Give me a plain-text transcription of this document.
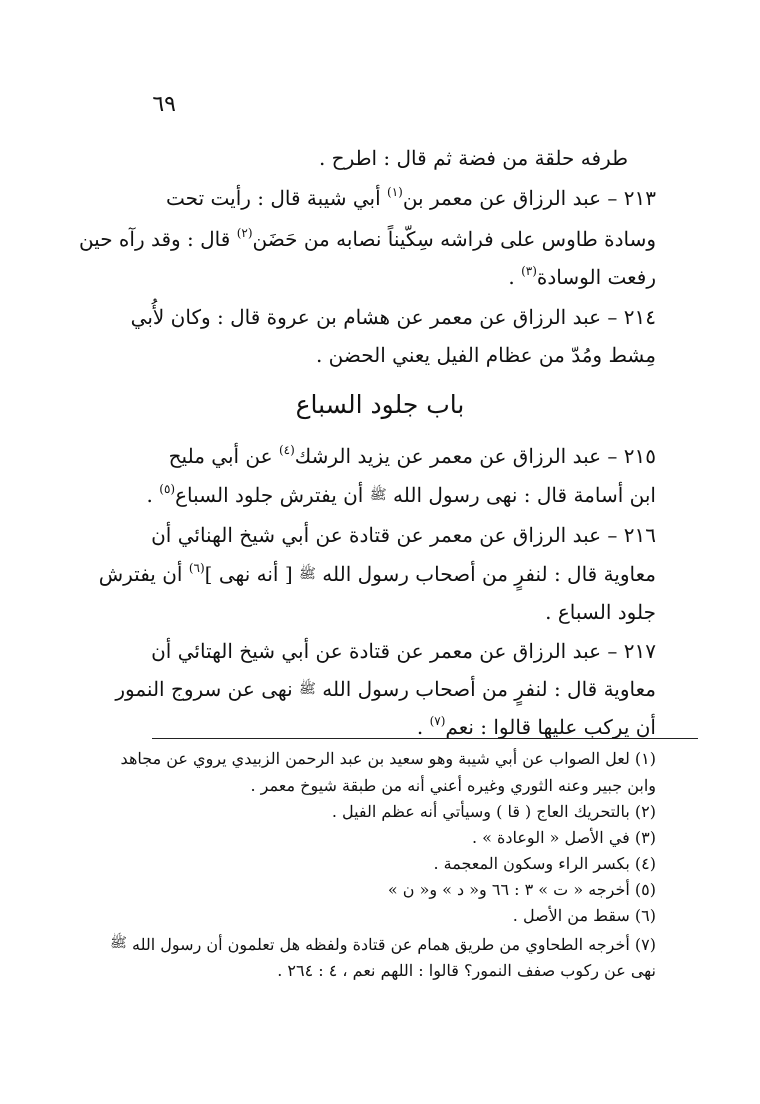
٦٩
طرفه حلقة من فضة ثم قال : اطرح .
٢١٣ – عبد الرزاق عن معمر بن$^{(١)}$ أبي شيبة قال : رأيت تحت
وسادة طاوس على فراشه سِكّيناً نصابه من حَضَن$^{(٢)}$ قال : وقد رآه حين
رفعت الوسادة$^{(٣)}$ .
٢١٤ – عبد الرزاق عن معمر عن هشام بن عروة قال : وكان لأُبي
مِشط ومُدّ من عظام الفيل يعني الحضن .
باب جلود السباع
٢١٥ – عبد الرزاق عن معمر عن يزيد الرشك$^{(٤)}$ عن أبي مليح
ابن أسامة قال : نهى رسول الله ﷺ أن يفترش جلود السباع$^{(٥)}$ .
٢١٦ – عبد الرزاق عن معمر عن قتادة عن أبي شيخ الهنائي أن
معاوية قال : لنفرٍ من أصحاب رسول الله ﷺ [ أنه نهى ]$^{(٦)}$ أن يفترش
جلود السباع .
٢١٧ – عبد الرزاق عن معمر عن قتادة عن أبي شيخ الهتائي أن
معاوية قال : لنفرٍ من أصحاب رسول الله ﷺ نهى عن سروج النمور
أن يركب عليها قالوا : نعم$^{(٧)}$ .
(١) لعل الصواب عن أبي شيبة وهو سعيد بن عبد الرحمن الزبيدي يروي عن مجاهد
وابن جبير وعنه الثوري وغيره أعني أنه من طبقة شيوخ معمر .
(٢) بالتحريك العاج ( قا ) وسيأتي أنه عظم الفيل .
(٣) في الأصل « الوعادة » .
(٤) بكسر الراء وسكون المعجمة .
(٥) أخرجه « ت » ٣ : ٦٦ و« د » و« ن »
(٦) سقط من الأصل .
(٧) أخرجه الطحاوي من طريق همام عن قتادة ولفظه هل تعلمون أن رسول الله ﷺ
نهى عن ركوب صفف النمور؟ قالوا : اللهم نعم ، ٤ : ٢٦٤ .
